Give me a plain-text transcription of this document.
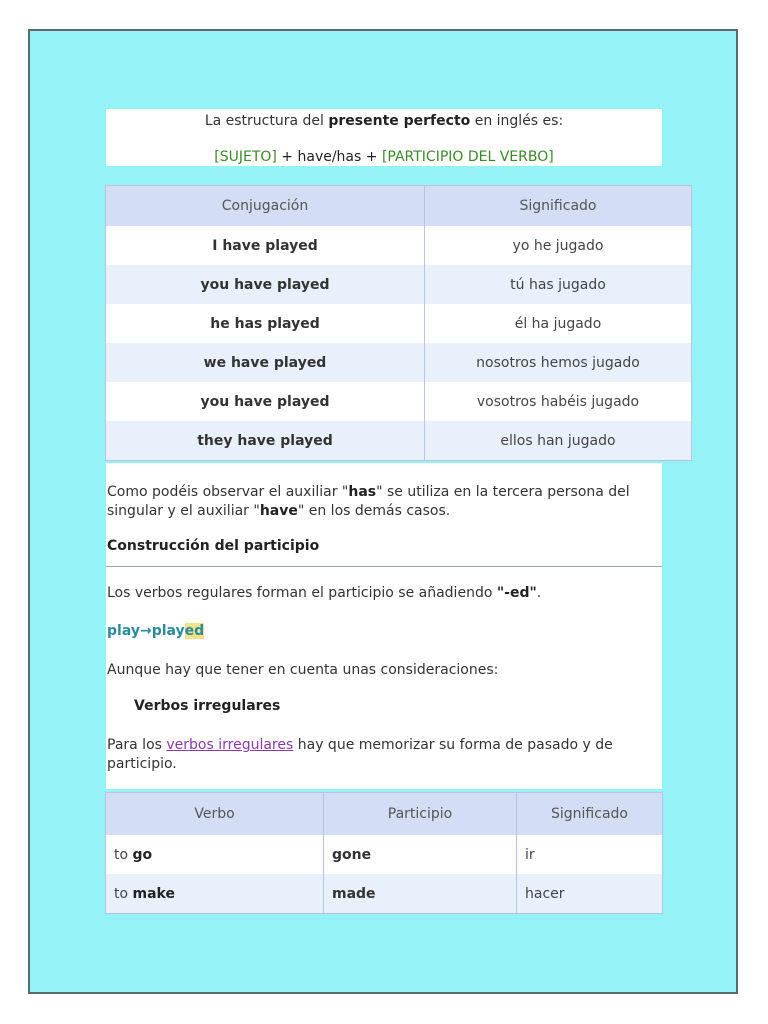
La estructura del presente perfecto en inglés es:
[SUJETO] + have/has + [PARTICIPIO DEL VERBO]
Conjugación	Significado
I have played	yo he jugado
you have played	tú has jugado
he has played	él ha jugado
we have played	nosotros hemos jugado
you have played	vosotros habéis jugado
they have played	ellos han jugado

Como podéis observar el auxiliar "has" se utiliza en la tercera persona del singular y el auxiliar "have" en los demás casos.

Construcción del participio

Los verbos regulares forman el participio se añadiendo "-ed".

play→played

Aunque hay que tener en cuenta unas consideraciones:

Verbos irregulares

Para los verbos irregulares hay que memorizar su forma de pasado y de participio.

Verbo	Participio	Significado
to go	gone	ir
to make	made	hacer
